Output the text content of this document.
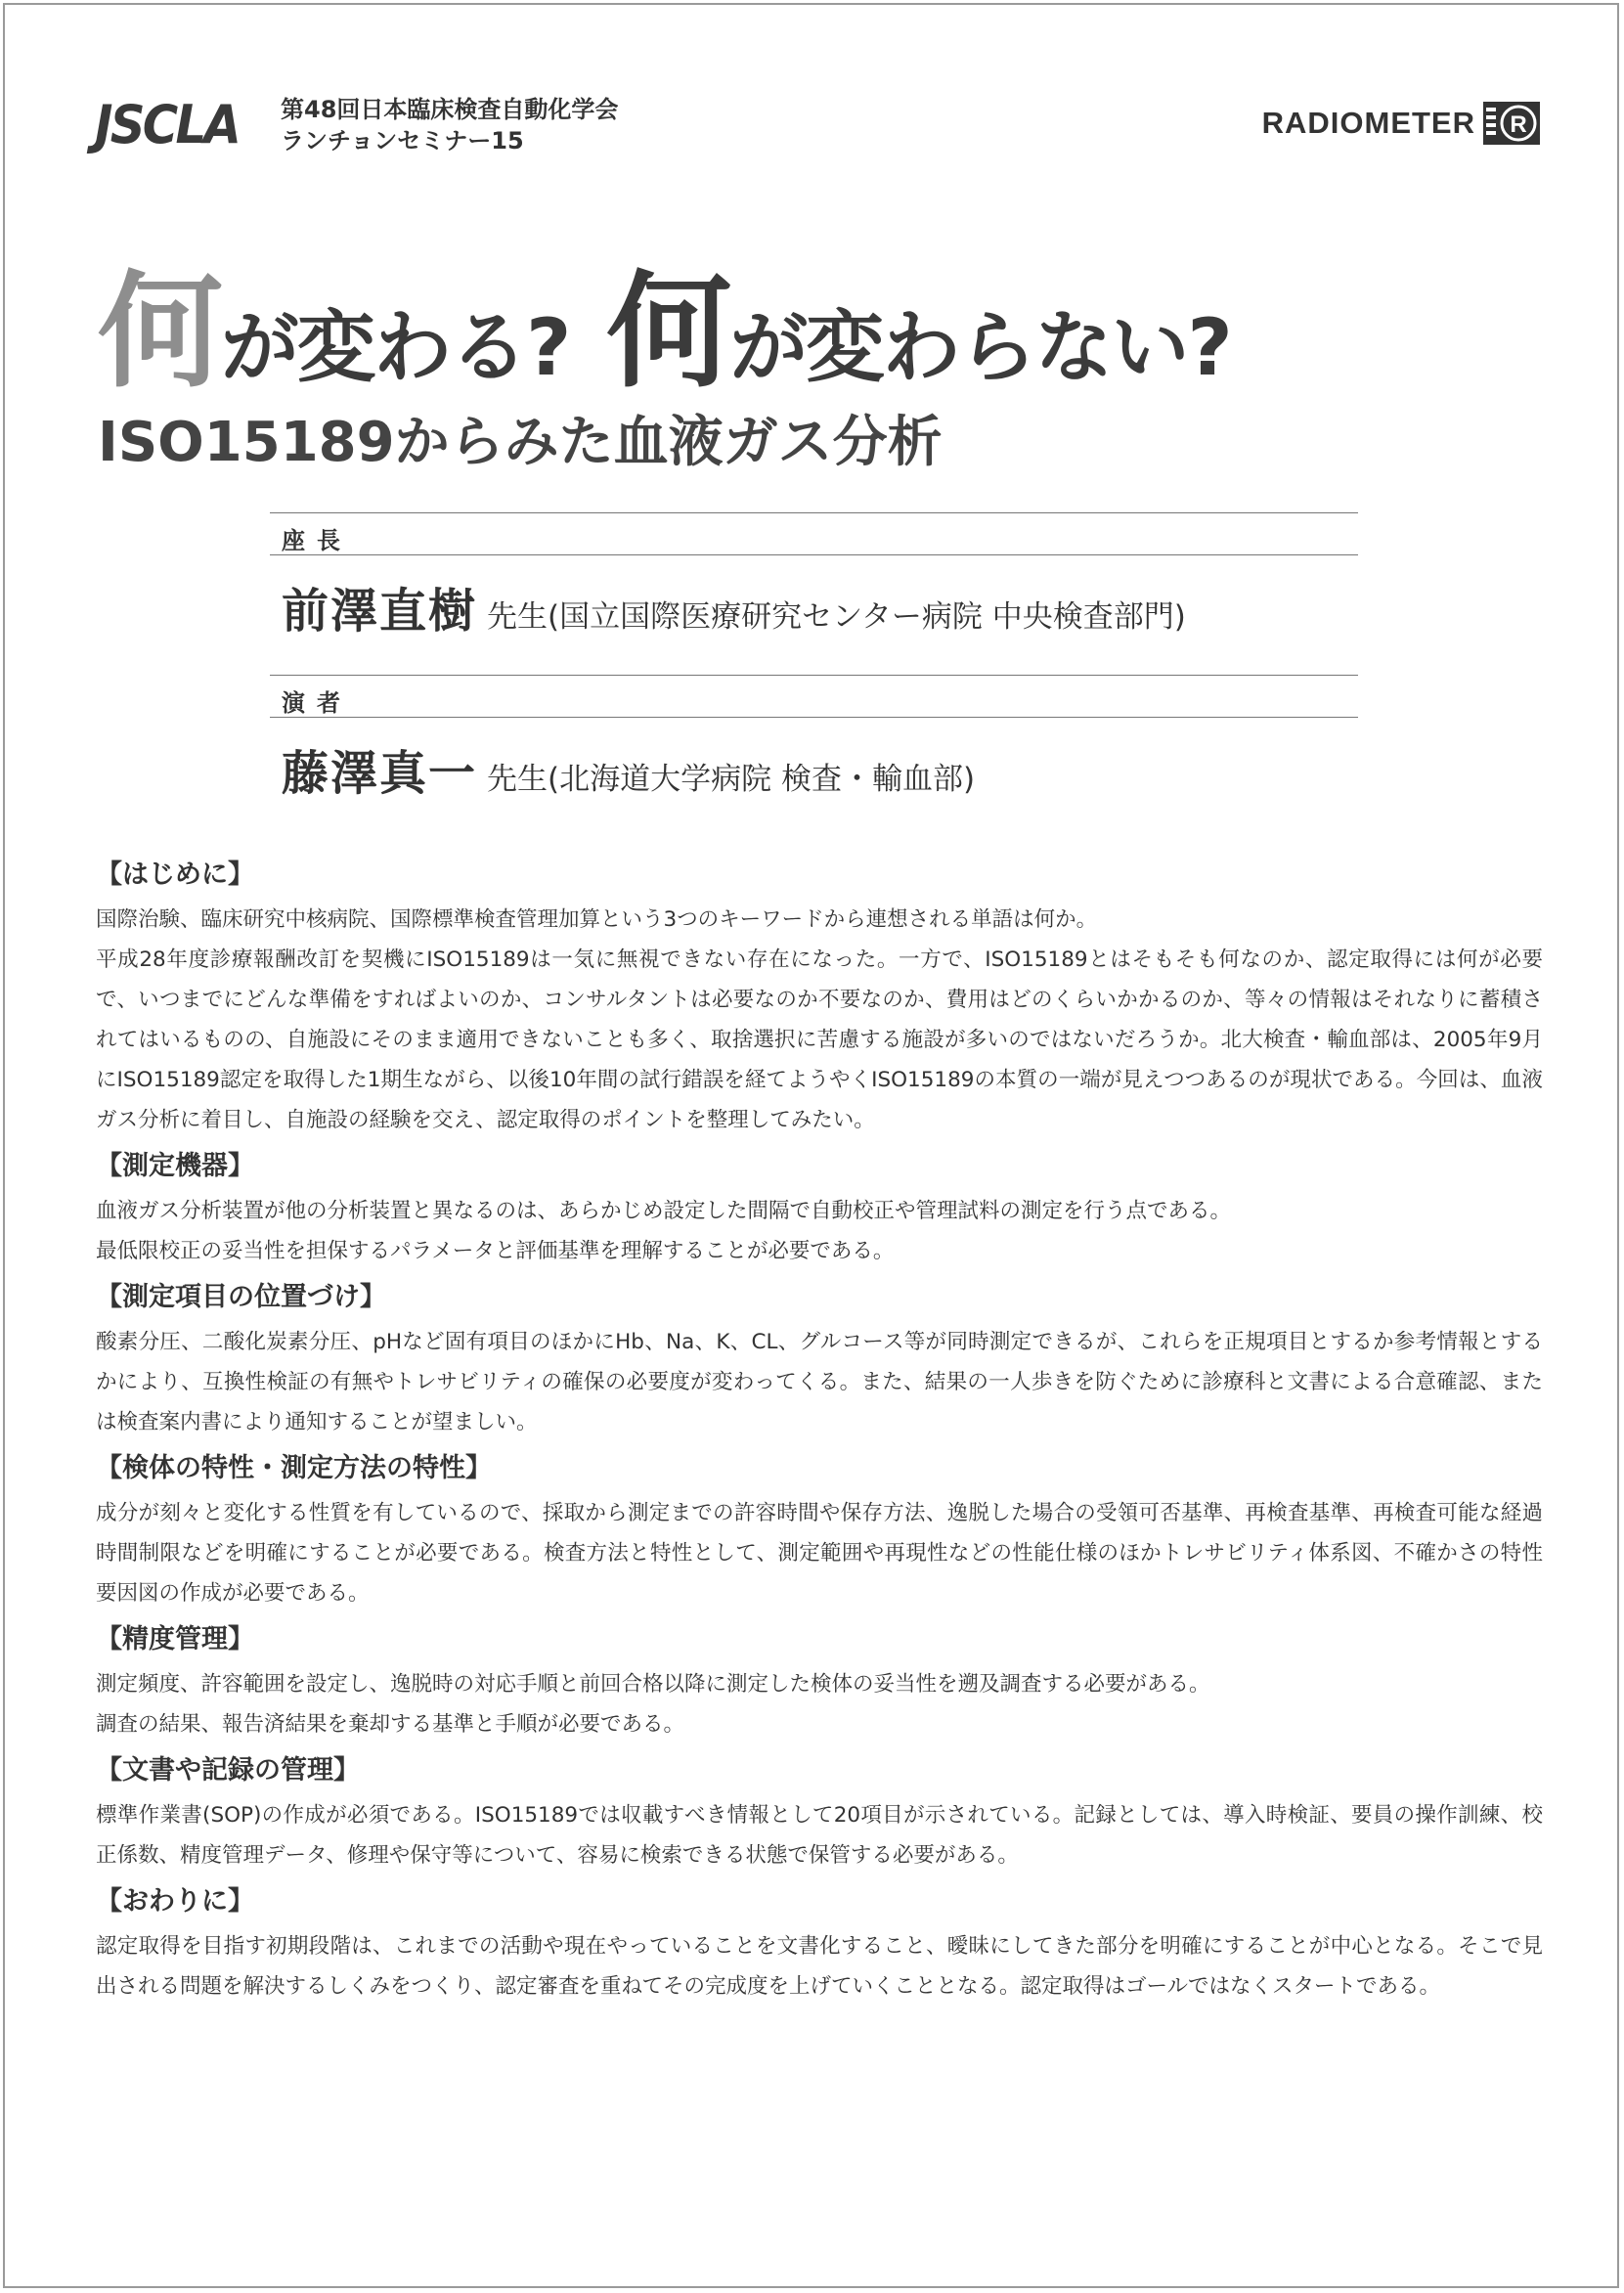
JSCLA 第48回日本臨床検査自動化学会
ランチョンセミナー15
RADIOMETER R
何が変わる? 何が変わらない?
ISO15189からみた血液ガス分析
座長
前澤直樹 先生(国立国際医療研究センター病院 中央検査部門)
演者
藤澤真一 先生(北海道大学病院 検査・輸血部)
【はじめに】
国際治験、臨床研究中核病院、国際標準検査管理加算という3つのキーワードから連想される単語は何か。
平成28年度診療報酬改訂を契機にISO15189は一気に無視できない存在になった。一方で、ISO15189とはそもそも何なのか、認定取得には何が必要で、いつまでにどんな準備をすればよいのか、コンサルタントは必要なのか不要なのか、費用はどのくらいかかるのか、等々の情報はそれなりに蓄積されてはいるものの、自施設にそのまま適用できないことも多く、取捨選択に苦慮する施設が多いのではないだろうか。北大検査・輸血部は、2005年9月にISO15189認定を取得した1期生ながら、以後10年間の試行錯誤を経てようやくISO15189の本質の一端が見えつつあるのが現状である。今回は、血液ガス分析に着目し、自施設の経験を交え、認定取得のポイントを整理してみたい。
【測定機器】
血液ガス分析装置が他の分析装置と異なるのは、あらかじめ設定した間隔で自動校正や管理試料の測定を行う点である。
最低限校正の妥当性を担保するパラメータと評価基準を理解することが必要である。
【測定項目の位置づけ】
酸素分圧、二酸化炭素分圧、pHなど固有項目のほかにHb、Na、K、CL、グルコース等が同時測定できるが、これらを正規項目とするか参考情報とするかにより、互換性検証の有無やトレサビリティの確保の必要度が変わってくる。また、結果の一人歩きを防ぐために診療科と文書による合意確認、または検査案内書により通知することが望ましい。
【検体の特性・測定方法の特性】
成分が刻々と変化する性質を有しているので、採取から測定までの許容時間や保存方法、逸脱した場合の受領可否基準、再検査基準、再検査可能な経過時間制限などを明確にすることが必要である。検査方法と特性として、測定範囲や再現性などの性能仕様のほかトレサビリティ体系図、不確かさの特性要因図の作成が必要である。
【精度管理】
測定頻度、許容範囲を設定し、逸脱時の対応手順と前回合格以降に測定した検体の妥当性を遡及調査する必要がある。
調査の結果、報告済結果を棄却する基準と手順が必要である。
【文書や記録の管理】
標準作業書(SOP)の作成が必須である。ISO15189では収載すべき情報として20項目が示されている。記録としては、導入時検証、要員の操作訓練、校正係数、精度管理データ、修理や保守等について、容易に検索できる状態で保管する必要がある。
【おわりに】
認定取得を目指す初期段階は、これまでの活動や現在やっていることを文書化すること、曖昧にしてきた部分を明確にすることが中心となる。そこで見出される問題を解決するしくみをつくり、認定審査を重ねてその完成度を上げていくこととなる。認定取得はゴールではなくスタートである。
